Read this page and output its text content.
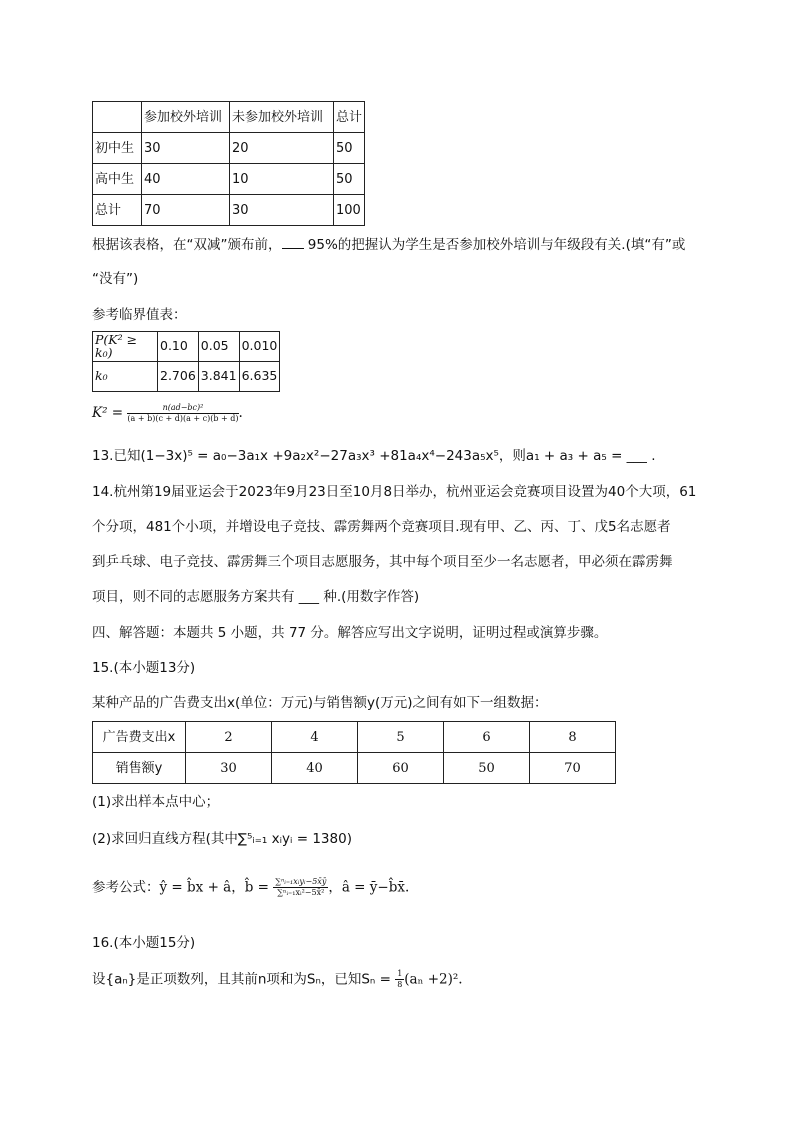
	参加校外培训	未参加校外培训	总计
初中生	30	20	50
高中生	40	10	50
总计	70	30	100
根据该表格，在“双减”颁布前， 95%的把握认为学生是否参加校外培训与年级段有关.(填“有”或
“没有”)
参考临界值表：
P(K² ≥ k₀)	0.10	0.05	0.010
k₀	2.706	3.841	6.635
$K^2 = \frac{\text{n(ad−bc)²}}{(a + b)(c + d)(a + c)(b + d)}$ .
13.已知(1−3x)⁵ = a₀−3a₁x +9a₂x²−27a₃x³ +81a₄x⁴−243a₅x⁵，则a₁ + a₃ + a₅ = ___ .
14.杭州第19届亚运会于2023年9月23日至10月8日举办，杭州亚运会竞赛项目设置为40个大项，61
个分项，481个小项，并增设电子竞技、霹雳舞两个竞赛项目.现有甲、乙、丙、丁、戊5名志愿者
到乒乓球、电子竞技、霹雳舞三个项目志愿服务，其中每个项目至少一名志愿者，甲必须在霹雳舞
项目，则不同的志愿服务方案共有 ___ 种.(用数字作答)
四、解答题：本题共 5 小题，共 77 分。解答应写出文字说明，证明过程或演算步骤。
15.(本小题13分)
某种产品的广告费支出x(单位：万元)与销售额y(万元)之间有如下一组数据：
广告费支出x	2	4	5	6	8
销售额y	30	40	60	50	70
(1)求出样本点中心；
(2)求回归直线方程(其中∑⁵ᵢ₌₁ xᵢyᵢ = 1380)
参考公式：ŷ = b̂x + â，b̂ = $\frac{\text{∑ⁿᵢ₌₁xᵢyᵢ−5x̄ȳ}}{\text{∑ⁿᵢ₌₁xᵢ²−5x̄²}}$ ，â = ȳ−b̂x̄.
16.(本小题15分)
设{aₙ}是正项数列，且其前n项和为Sₙ，已知$S_n = \frac{1}{8} (a_n +2)^2$.
